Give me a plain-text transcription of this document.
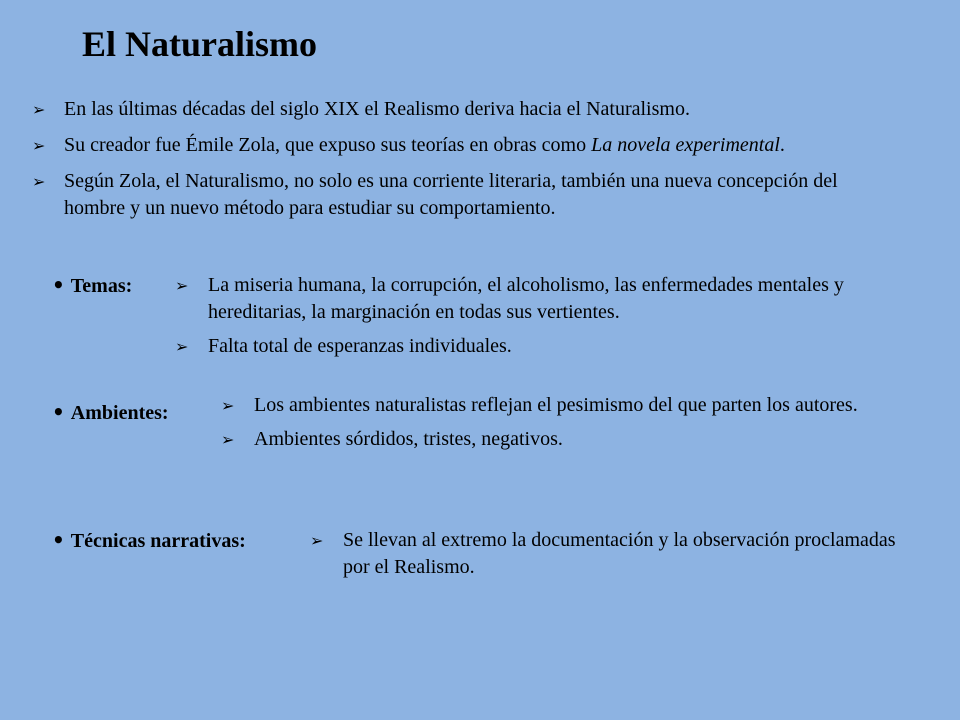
El Naturalismo
➢ En las últimas décadas del siglo XIX el Realismo deriva hacia el Naturalismo.
➢ Su creador fue Émile Zola, que expuso sus teorías en obras como La novela experimental.
➢ Según Zola, el Naturalismo, no solo es una corriente literaria, también una nueva concepción del hombre y un nuevo método para estudiar su comportamiento.
• Temas:	➢ La miseria humana, la corrupción, el alcoholismo, las enfermedades mentales y hereditarias, la marginación en todas sus vertientes.
➢ Falta total de esperanzas individuales.
• Ambientes:	➢ Los ambientes naturalistas reflejan el pesimismo del que parten los autores.
➢ Ambientes sórdidos, tristes, negativos.
• Técnicas narrativas:	➢ Se llevan al extremo la documentación y la observación proclamadas por el Realismo.
